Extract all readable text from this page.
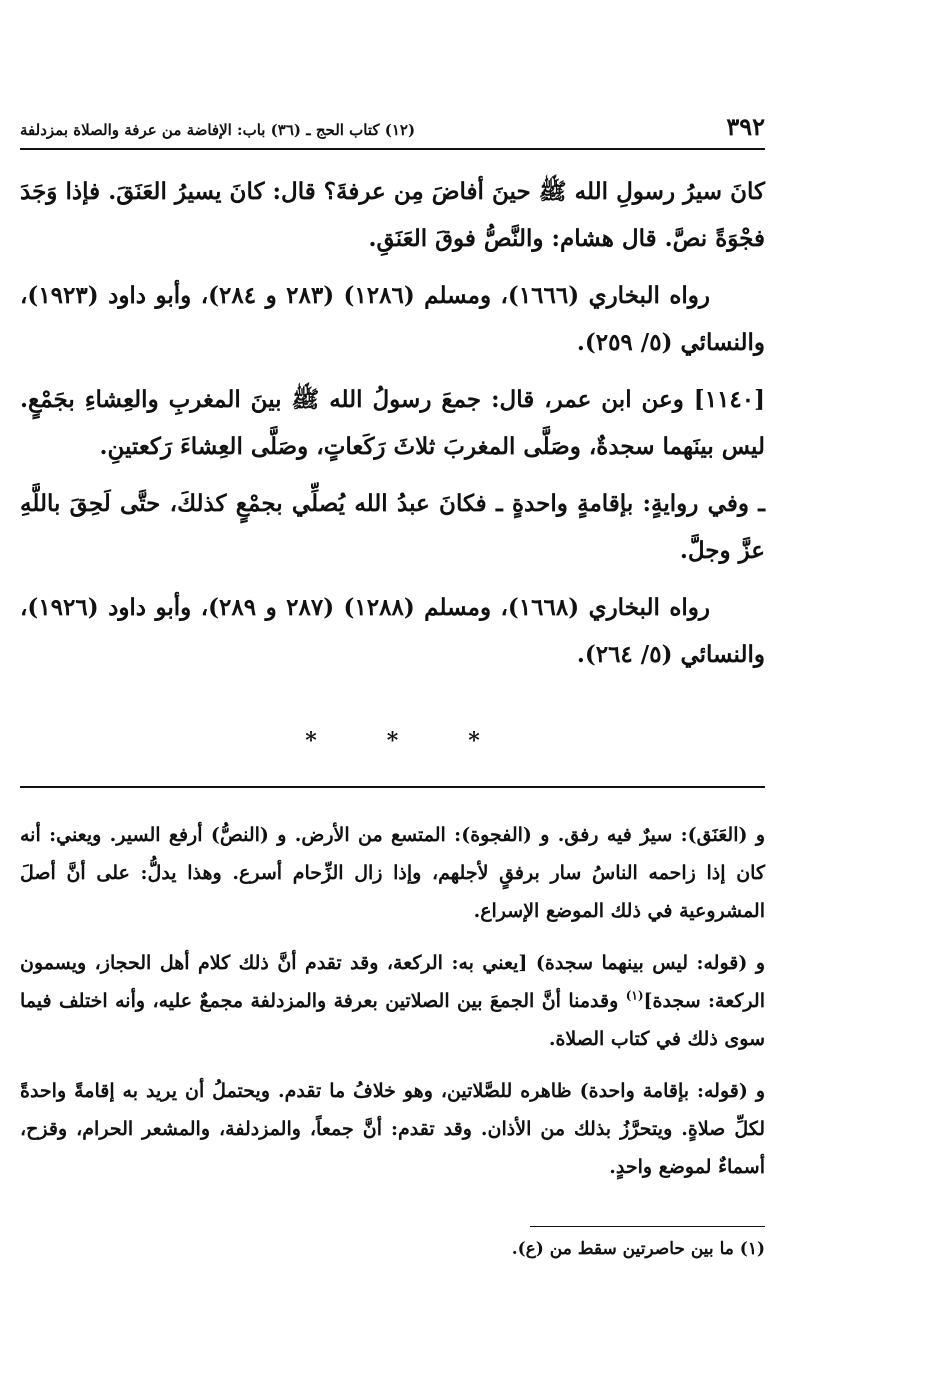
٣٩٢
(١٢) كتاب الحج ـ (٣٦) باب: الإفاضة من عرفة والصلاة بمزدلفة

كانَ سيرُ رسولِ الله ﷺ حينَ أفاضَ مِن عرفةَ؟ قال: كانَ يسيرُ العَنَقَ. فإذا وَجَدَ فجْوَةً نصَّ. قال هشام: والنَّصُّ فوقَ العَنَقِ.

رواه البخاري (١٦٦٦)، ومسلم (١٢٨٦) (٢٨٣ و ٢٨٤)، وأبو داود (١٩٢٣)، والنسائي (٥/ ٢٥٩).

[١١٤٠] وعن ابن عمر، قال: جمعَ رسولُ الله ﷺ بينَ المغربِ والعِشاءِ بجَمْعٍ. ليس بينَهما سجدةٌ، وصَلَّى المغربَ ثلاثَ رَكَعاتٍ، وصَلَّى العِشاءَ رَكعتينِ.

ـ وفي روايةٍ: بإقامةٍ واحدةٍ ـ فكانَ عبدُ الله يُصلِّي بجمْعٍ كذلكَ، حتَّى لَحِقَ باللَّهِ عزَّ وجلَّ.

رواه البخاري (١٦٦٨)، ومسلم (١٢٨٨) (٢٨٧ و ٢٨٩)، وأبو داود (١٩٢٦)، والنسائي (٥/ ٢٦٤).

*	*	*

و (العَنَق): سيرٌ فيه رفق. و (الفجوة): المتسع من الأرض. و (النصُّ) أرفع السير. ويعني: أنه كان إذا زاحمه الناسُ سار برفقٍ لأجلهم، وإذا زال الزِّحام أسرع. وهذا يدلُّ: على أنَّ أصلَ المشروعية في ذلك الموضع الإسراع.

و (قوله: ليس بينهما سجدة) [يعني به: الركعة، وقد تقدم أنَّ ذلك كلام أهل الحجاز، ويسمون الركعة: سجدة]$^{(١)}$ وقدمنا أنَّ الجمعَ بين الصلاتين بعرفة والمزدلفة مجمعٌ عليه، وأنه اختلف فيما سوى ذلك في كتاب الصلاة.

و (قوله: بإقامة واحدة) ظاهره للصَّلاتين، وهو خلافُ ما تقدم. ويحتملُ أن يريد به إقامةً واحدةً لكلِّ صلاةٍ. ويتحرَّزُ بذلك من الأذان. وقد تقدم: أنَّ جمعاً، والمزدلفة، والمشعر الحرام، وقزح، أسماءٌ لموضع واحدٍ.

(١) ما بين حاصرتين سقط من (ع).
